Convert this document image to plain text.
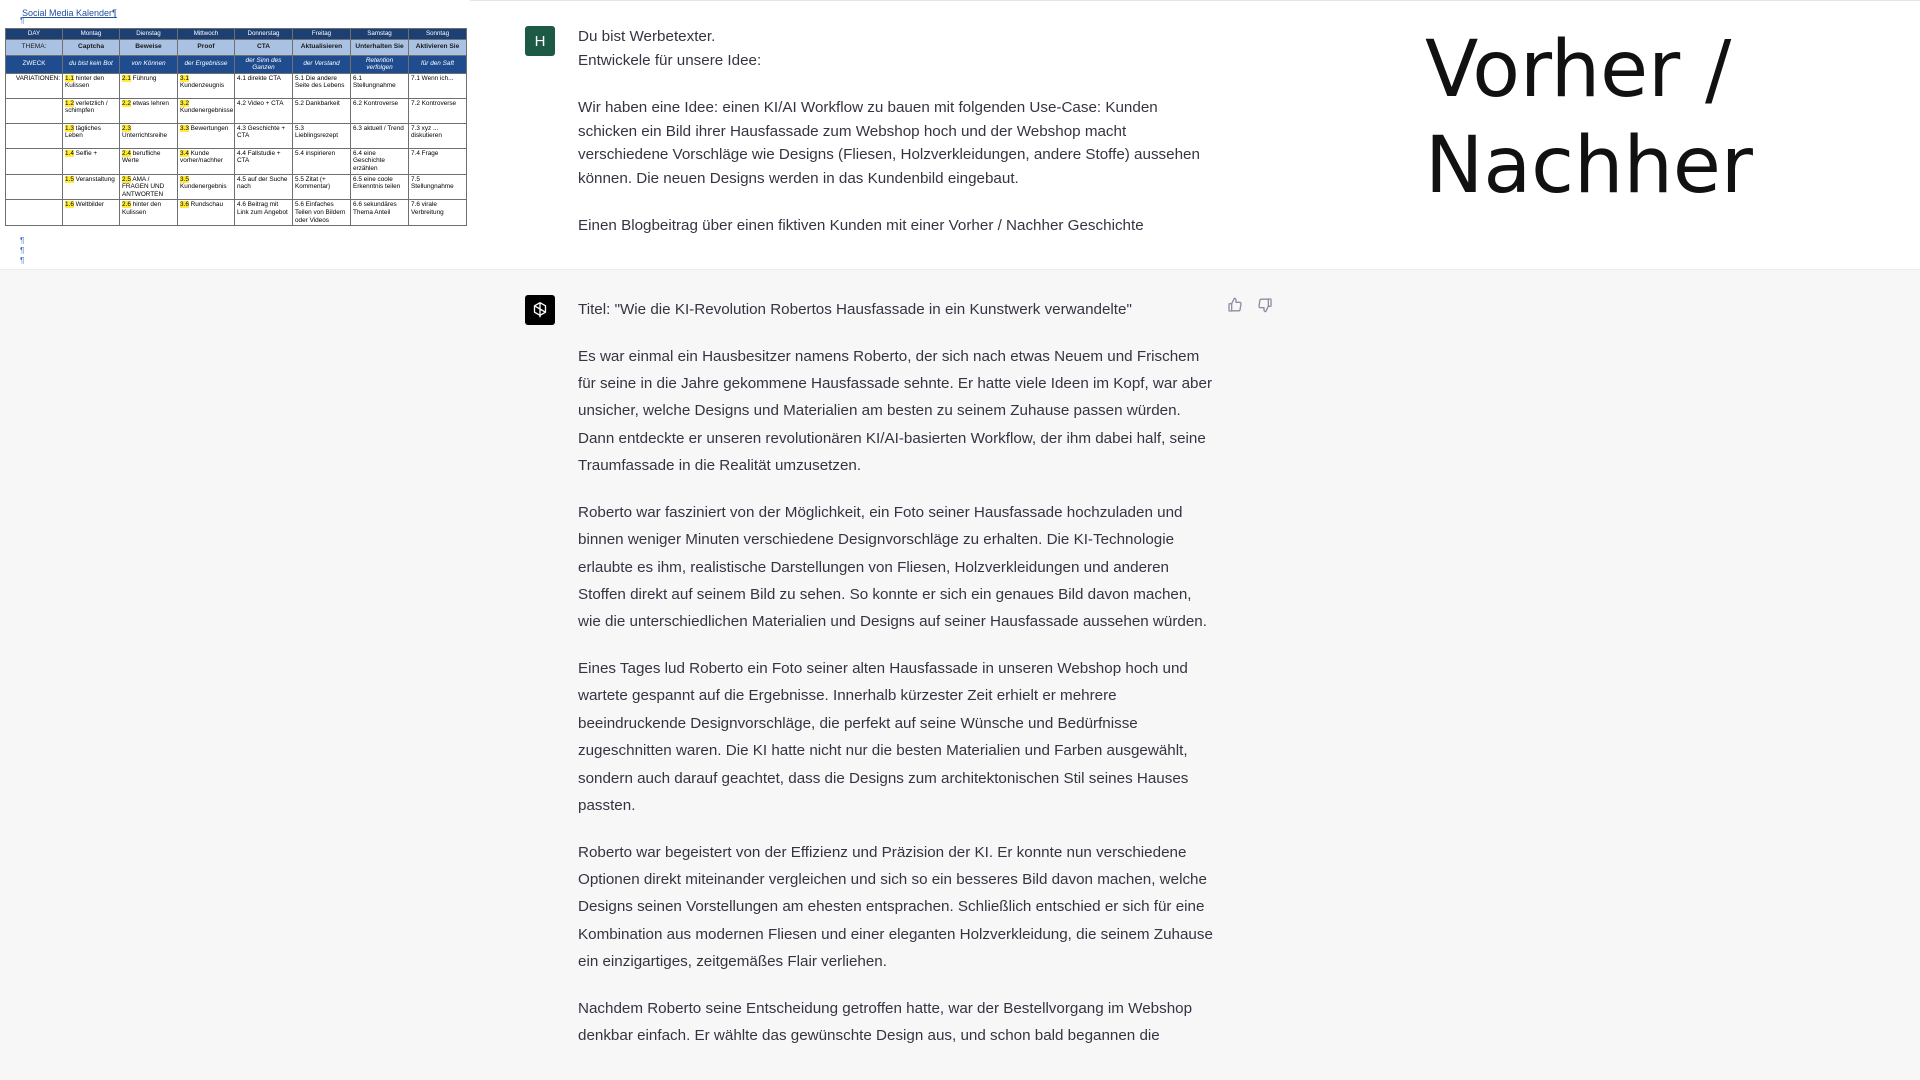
H Du bist Werbetexter.

Entwickele für unsere Idee:

Wir haben eine Idee: einen KI/AI Workflow zu bauen mit folgenden Use-Case: Kunden schicken ein Bild ihrer Hausfassade zum Webshop hoch und der Webshop macht verschiedene Vorschläge wie Designs (Fliesen, Holzverkleidungen, andere Stoffe) aussehen können. Die neuen Designs werden in das Kundenbild eingebaut.

Einen Blogbeitrag über einen fiktiven Kunden mit einer Vorher / Nachher Geschichte

¶
Social Media Kalender¶
DAY	Montag	Dienstag	Mittwoch	Donnerstag	Freitag	Samstag	Sonntag
THEMA:	Captcha	Beweise	Proof	CTA	Aktualisieren	Unterhalten Sie	Aktivieren Sie
ZWECK	du bist kein Bot	von Können	der Ergebnisse	der Sinn des Ganzen	der Verstand	Retention verfolgen	für den Saft
VARIATIONEN:	1.1 hinter den Kulissen	2.1 Führung	3.1 Kundenzeugnis	4.1 direkte CTA	5.1 Die andere Seite des Lebens	6.1 Stellungnahme	7.1 Wenn ich...
	1.2 verletzlich / schimpfen	2.2 etwas lehren	3.2 Kundenergebnisse	4.2 Video + CTA	5.2 Dankbarkeit	6.2 Kontroverse	7.2 Kontroverse
	1.3 tägliches Leben	2.3 Unterrichtsreihe	3.3 Bewertungen	4.3 Geschichte + CTA	5.3 Lieblingsrezept	6.3 aktuell / Trend	7.3 xyz ... diskutieren
	1.4 Selfie +	2.4 berufliche Werte	3.4 Kunde vorher/nachher	4.4 Fallstudie + CTA	5.4 inspirieren	6.4 eine Geschichte erzählen	7.4 Frage
	1.5 Veranstaltung	2.5 AMA / FRAGEN UND ANTWORTEN	3.5 Kundenergebnis	4.5 auf der Suche nach	5.5 Zitat (+ Kommentar)	6.5 eine coole Erkenntnis teilen	7.5 Stellungnahme
	1.6 Weltbilder	2.6 hinter den Kulissen	3.6 Rundschau	4.6 Beitrag mit Link zum Angebot	5.6 Einfaches Teilen von Bildern oder Videos	6.6 sekundäres Thema Anteil	7.6 virale Verbreitung
¶
¶
¶
Vorher /
Nachher

Titel: "Wie die KI-Revolution Robertos Hausfassade in ein Kunstwerk verwandelte"

Es war einmal ein Hausbesitzer namens Roberto, der sich nach etwas Neuem und Frischem für seine in die Jahre gekommene Hausfassade sehnte. Er hatte viele Ideen im Kopf, war aber unsicher, welche Designs und Materialien am besten zu seinem Zuhause passen würden. Dann entdeckte er unseren revolutionären KI/AI-basierten Workflow, der ihm dabei half, seine Traumfassade in die Realität umzusetzen.

Roberto war fasziniert von der Möglichkeit, ein Foto seiner Hausfassade hochzuladen und binnen weniger Minuten verschiedene Designvorschläge zu erhalten. Die KI-Technologie erlaubte es ihm, realistische Darstellungen von Fliesen, Holzverkleidungen und anderen Stoffen direkt auf seinem Bild zu sehen. So konnte er sich ein genaues Bild davon machen, wie die unterschiedlichen Materialien und Designs auf seiner Hausfassade aussehen würden.

Eines Tages lud Roberto ein Foto seiner alten Hausfassade in unseren Webshop hoch und wartete gespannt auf die Ergebnisse. Innerhalb kürzester Zeit erhielt er mehrere beeindruckende Designvorschläge, die perfekt auf seine Wünsche und Bedürfnisse zugeschnitten waren. Die KI hatte nicht nur die besten Materialien und Farben ausgewählt, sondern auch darauf geachtet, dass die Designs zum architektonischen Stil seines Hauses passten.

Roberto war begeistert von der Effizienz und Präzision der KI. Er konnte nun verschiedene Optionen direkt miteinander vergleichen und sich so ein besseres Bild davon machen, welche Designs seinen Vorstellungen am ehesten entsprachen. Schließlich entschied er sich für eine Kombination aus modernen Fliesen und einer eleganten Holzverkleidung, die seinem Zuhause ein einzigartiges, zeitgemäßes Flair verliehen.

Nachdem Roberto seine Entscheidung getroffen hatte, war der Bestellvorgang im Webshop denkbar einfach. Er wählte das gewünschte Design aus, und schon bald begannen die
